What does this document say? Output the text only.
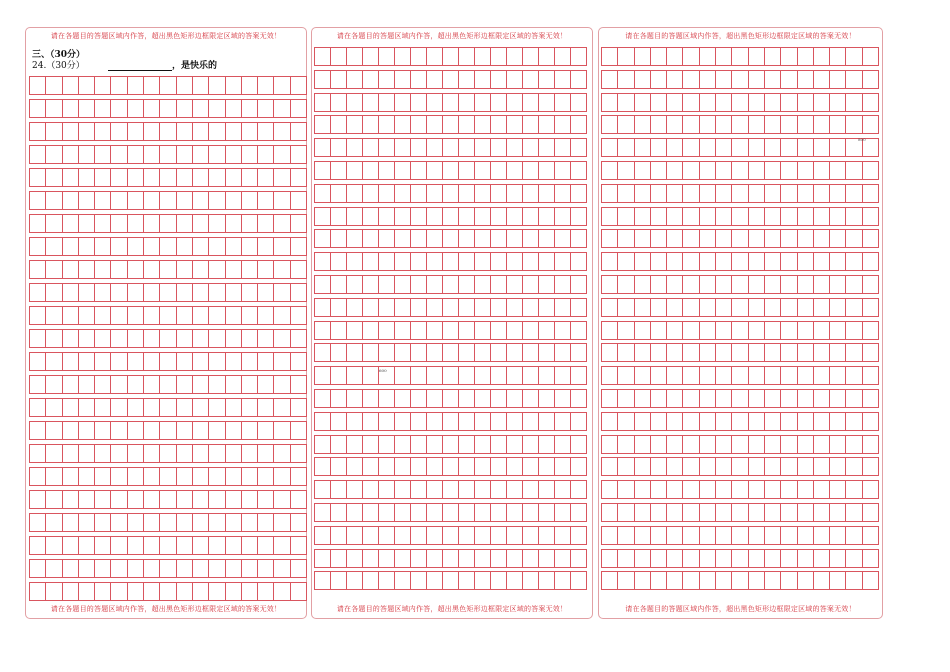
请在各题目的答题区域内作答，超出黑色矩形边框限定区域的答案无效！
三、（30分）
24.（30分）	，是快乐的
请在各题目的答题区域内作答，超出黑色矩形边框限定区域的答案无效！
请在各题目的答题区域内作答，超出黑色矩形边框限定区域的答案无效！
600
请在各题目的答题区域内作答，超出黑色矩形边框限定区域的答案无效！
请在各题目的答题区域内作答，超出黑色矩形边框限定区域的答案无效！
800
请在各题目的答题区域内作答，超出黑色矩形边框限定区域的答案无效！
